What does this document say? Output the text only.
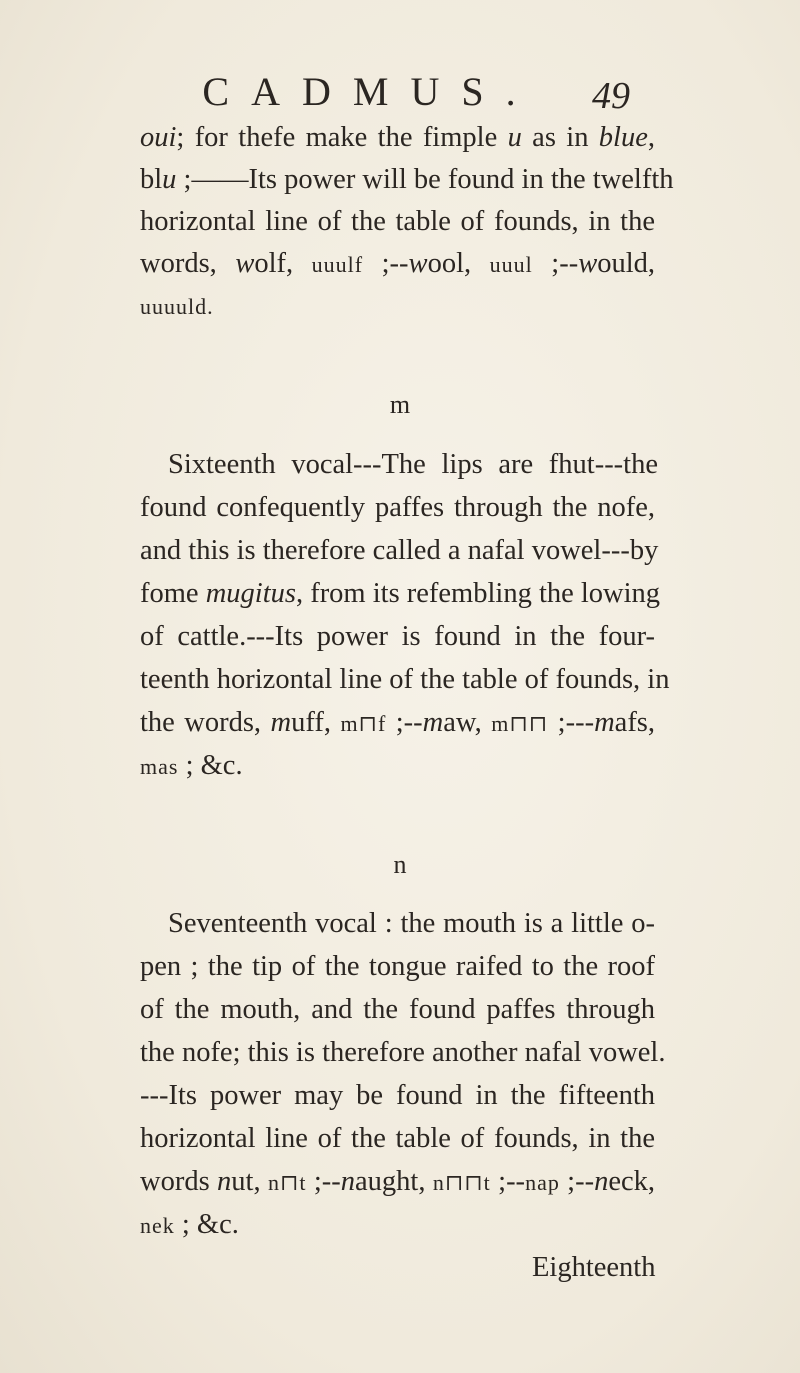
CADMUS.	49
oui; for thefe make the fimple u as in blue,
blu ;——Its power will be found in the twelfth
horizontal line of the table of founds, in the
words, wolf, uuulf ;--wool, uuul ;--would,
uuuuld.
m
Sixteenth vocal---The lips are fhut---the
found confequently paffes through the nofe,
and this is therefore called a nafal vowel---by
fome mugitus, from its refembling the lowing
of cattle.---Its power is found in the four-
teenth horizontal line of the table of founds, in
the words, muff, m⊓f ;--maw, m⊓⊓ ;---mafs,
mas ; &c.
n
Seventeenth vocal : the mouth is a little o-
pen ; the tip of the tongue raifed to the roof
of the mouth, and the found paffes through
the nofe; this is therefore another nafal vowel.
---Its power may be found in the fifteenth
horizontal line of the table of founds, in the
words nut, n⊓t ;--naught, n⊓⊓t ;--nap ;--neck,
nek ; &c.
Eighteenth
